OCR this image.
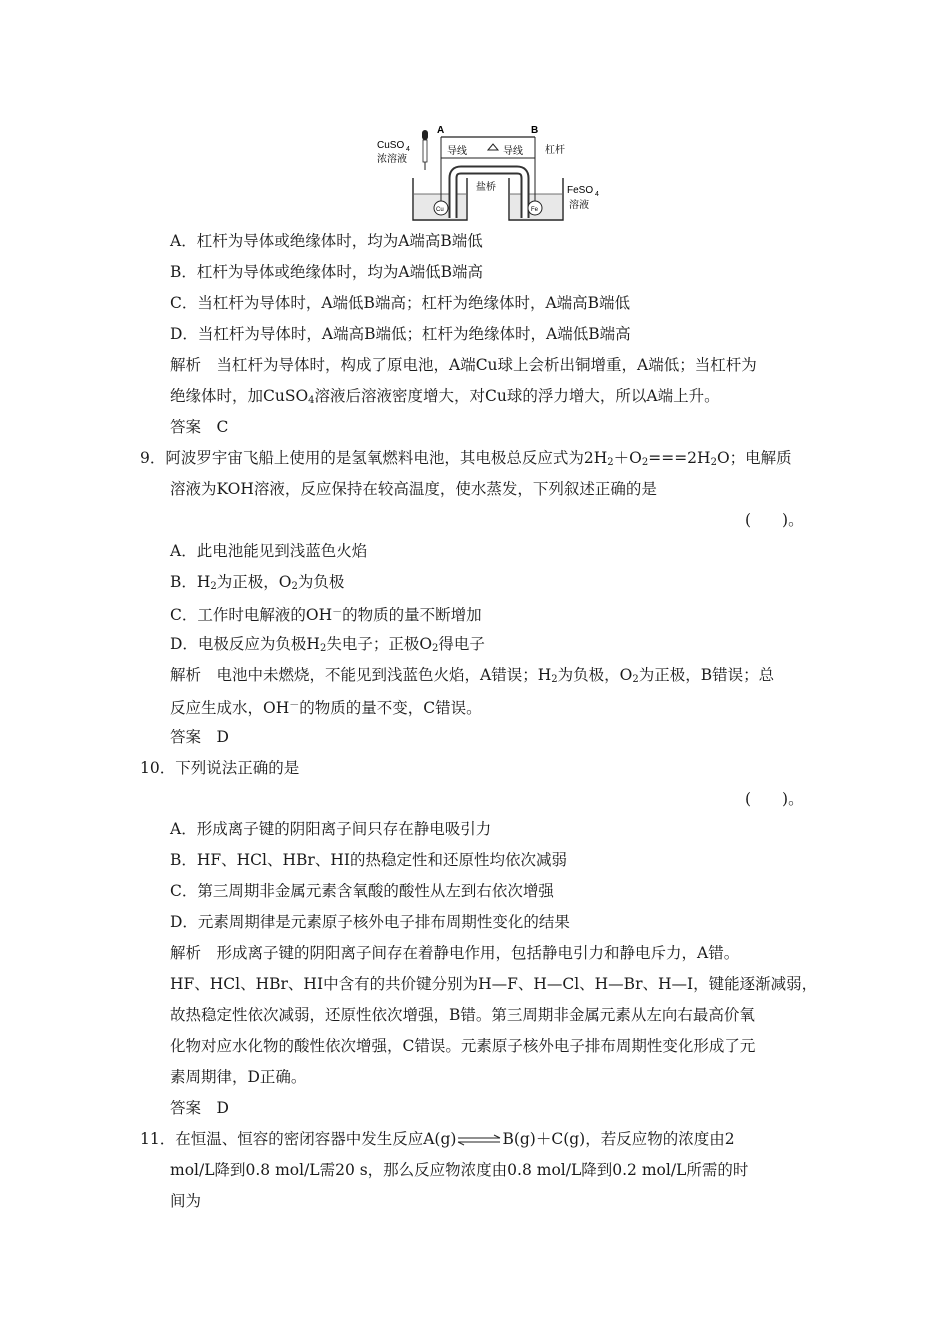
CuSO 4
浓溶液
A	B
导线	导线 杠杆
盐桥	FeSO 4
溶液
Cu	Fe
A．杠杆为导体或绝缘体时，均为A端高B端低
B．杠杆为导体或绝缘体时，均为A端低B端高
C．当杠杆为导体时，A端低B端高；杠杆为绝缘体时，A端高B端低
D．当杠杆为导体时，A端高B端低；杠杆为绝缘体时，A端低B端高
解析　当杠杆为导体时，构成了原电池，A端Cu球上会析出铜增重，A端低；当杠杆为
绝缘体时，加CuSO$_4$溶液后溶液密度增大，对Cu球的浮力增大，所以A端上升。
答案　C
9．阿波罗宇宙飞船上使用的是氢氧燃料电池，其电极总反应式为$2H_2+O_2===2H_2O$；电解质
溶液为KOH溶液，反应保持在较高温度，使水蒸发，下列叙述正确的是
(　　)。
A．此电池能见到浅蓝色火焰
B．$H_2$为正极，$O_2$为负极
C．工作时电解液的OH－的物质的量不断增加
D．电极反应为负极$H_2$失电子；正极$O_2$得电子
解析　电池中未燃烧，不能见到浅蓝色火焰，A错误；$H_2$为负极，$O_2$为正极，B错误；总
反应生成水，OH－的物质的量不变，C错误。
答案　D
10．下列说法正确的是
(　　)。
A．形成离子键的阴阳离子间只存在静电吸引力
B．HF、HCl、HBr、HI的热稳定性和还原性均依次减弱
C．第三周期非金属元素含氧酸的酸性从左到右依次增强
D．元素周期律是元素原子核外电子排布周期性变化的结果
解析　形成离子键的阴阳离子间存在着静电作用，包括静电引力和静电斥力，A错。
HF、HCl、HBr、HI中含有的共价键分别为H—F、H—Cl、H—Br、H—I，键能逐渐减弱，
故热稳定性依次减弱，还原性依次增强，B错。第三周期非金属元素从左向右最高价氧
化物对应水化物的酸性依次增强，C错误。元素原子核外电子排布周期性变化形成了元
素周期律，D正确。
答案　D
11．在恒温、恒容的密闭容器中发生反应A(g)⇌B(g)＋C(g)，若反应物的浓度由2
mol/L降到0.8 mol/L需20 s，那么反应物浓度由0.8 mol/L降到0.2 mol/L所需的时
间为
